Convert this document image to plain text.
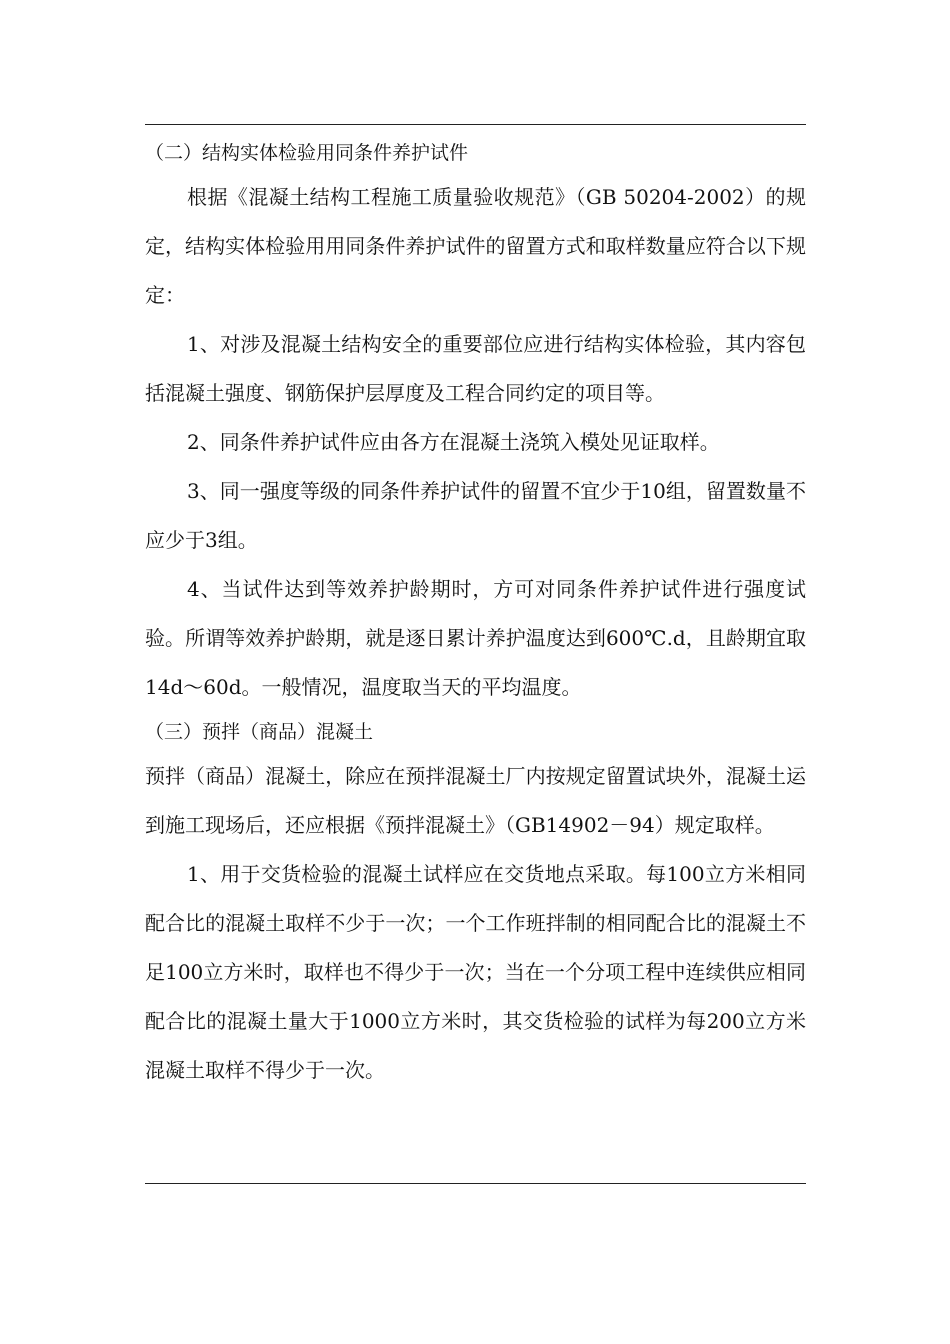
（二）结构实体检验用同条件养护试件

根据《混凝土结构工程施工质量验收规范》（GB 50204-2002）的规定，结构实体检验用用同条件养护试件的留置方式和取样数量应符合以下规定：

1、对涉及混凝土结构安全的重要部位应进行结构实体检验，其内容包括混凝土强度、钢筋保护层厚度及工程合同约定的项目等。

2、同条件养护试件应由各方在混凝土浇筑入模处见证取样。

3、同一强度等级的同条件养护试件的留置不宜少于10组，留置数量不应少于3组。

4、当试件达到等效养护龄期时，方可对同条件养护试件进行强度试验。所谓等效养护龄期，就是逐日累计养护温度达到600℃.d，且龄期宜取14d～60d。一般情况，温度取当天的平均温度。

（三）预拌（商品）混凝土

预拌（商品）混凝土，除应在预拌混凝土厂内按规定留置试块外，混凝土运到施工现场后，还应根据《预拌混凝土》（GB14902－94）规定取样。

1、用于交货检验的混凝土试样应在交货地点采取。每100立方米相同配合比的混凝土取样不少于一次；一个工作班拌制的相同配合比的混凝土不足100立方米时，取样也不得少于一次；当在一个分项工程中连续供应相同配合比的混凝土量大于1000立方米时，其交货检验的试样为每200立方米混凝土取样不得少于一次。
